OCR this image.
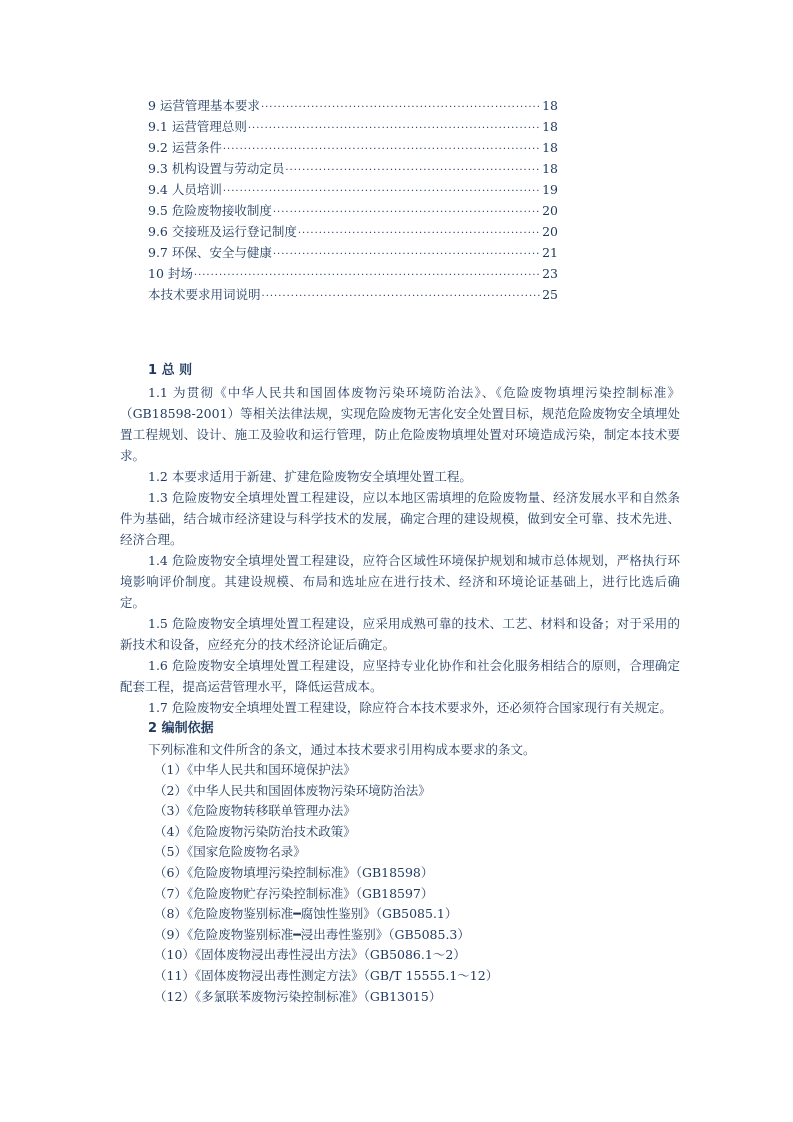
9 运营管理基本要求 ·····	18
9.1 运营管理总则 ·····	18
9.2 运营条件 ·····	18
9.3 机构设置与劳动定员 ·····	18
9.4 人员培训 ·····	19
9.5 危险废物接收制度 ·····	20
9.6 交接班及运行登记制度 ·····	20
9.7 环保、安全与健康 ·····	21
10 封场 ·····	23
本技术要求用词说明 ·····	25
1 总 则

1.1 为贯彻《中华人民共和国固体废物污染环境防治法》、《危险废物填埋污染控制标准》（GB18598-2001）等相关法律法规，实现危险废物无害化安全处置目标，规范危险废物安全填埋处置工程规划、设计、施工及验收和运行管理，防止危险废物填埋处置对环境造成污染，制定本技术要求。

1.2 本要求适用于新建、扩建危险废物安全填埋处置工程。

1.3 危险废物安全填埋处置工程建设，应以本地区需填埋的危险废物量、经济发展水平和自然条件为基础，结合城市经济建设与科学技术的发展，确定合理的建设规模，做到安全可靠、技术先进、经济合理。

1.4 危险废物安全填埋处置工程建设，应符合区域性环境保护规划和城市总体规划，严格执行环境影响评价制度。其建设规模、布局和选址应在进行技术、经济和环境论证基础上，进行比选后确定。

1.5 危险废物安全填埋处置工程建设，应采用成熟可靠的技术、工艺、材料和设备；对于采用的新技术和设备，应经充分的技术经济论证后确定。

1.6 危险废物安全填埋处置工程建设，应坚持专业化协作和社会化服务相结合的原则，合理确定配套工程，提高运营管理水平，降低运营成本。

1.7 危险废物安全填埋处置工程建设，除应符合本技术要求外，还必须符合国家现行有关规定。

2 编制依据

下列标准和文件所含的条文，通过本技术要求引用构成本要求的条文。

（1）《中华人民共和国环境保护法》
（2）《中华人民共和国固体废物污染环境防治法》
（3）《危险废物转移联单管理办法》
（4）《危险废物污染防治技术政策》
（5）《国家危险废物名录》
（6）《危险废物填埋污染控制标准》（GB18598）
（7）《危险废物贮存污染控制标准》（GB18597）
（8）《危险废物鉴别标准━腐蚀性鉴别》（GB5085.1）
（9）《危险废物鉴别标准━浸出毒性鉴别》（GB5085.3）
（10）《固体废物浸出毒性浸出方法》（GB5086.1～2）
（11）《固体废物浸出毒性测定方法》（GB/T 15555.1～12）
（12）《多氯联苯废物污染控制标准》（GB13015）
